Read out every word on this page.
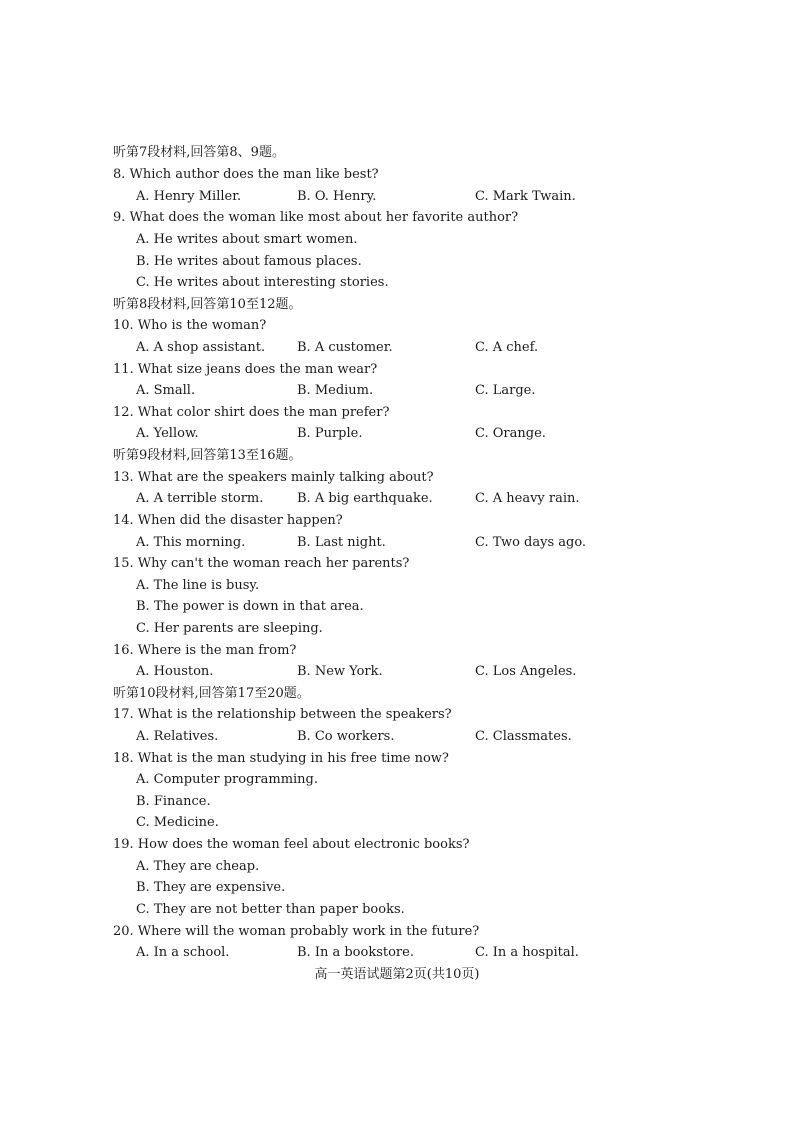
听第7段材料,回答第8、9题。
8. Which author does the man like best?
A. Henry Miller.	B. O. Henry.	C. Mark Twain.
9. What does the woman like most about her favorite author?
A. He writes about smart women.
B. He writes about famous places.
C. He writes about interesting stories.
听第8段材料,回答第10至12题。
10. Who is the woman?
A. A shop assistant. B. A customer.	C. A chef.
11. What size jeans does the man wear?
A. Small.	B. Medium.	C. Large.
12. What color shirt does the man prefer?
A. Yellow.	B. Purple.	C. Orange.
听第9段材料,回答第13至16题。
13. What are the speakers mainly talking about?
A. A terrible storm.	B. A big earthquake.	C. A heavy rain.
14. When did the disaster happen?
A. This morning.	B. Last night.	C. Two days ago.
15. Why can't the woman reach her parents?
A. The line is busy.
B. The power is down in that area.
C. Her parents are sleeping.
16. Where is the man from?
A. Houston.	B. New York.	C. Los Angeles.
听第10段材料,回答第17至20题。
17. What is the relationship between the speakers?
A. Relatives.	B. Co workers.	C. Classmates.
18. What is the man studying in his free time now?
A. Computer programming.
B. Finance.
C. Medicine.
19. How does the woman feel about electronic books?
A. They are cheap.
B. They are expensive.
C. They are not better than paper books.
20. Where will the woman probably work in the future?
A. In a school.	B. In a bookstore.	C. In a hospital.
高一英语试题第2页(共10页)
